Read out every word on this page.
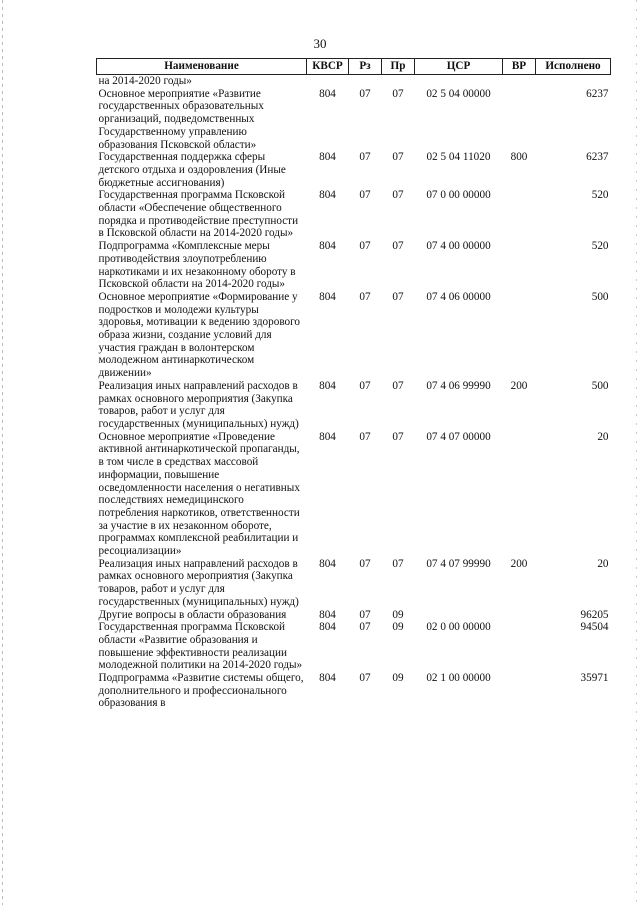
30
Наименование	КВСР	Рз	Пр	ЦСР	ВР	Исполнено
на 2014-2020 годы»						
Основное мероприятие «Развитие государственных образовательных организаций, подведомственных Государственному управлению образования Псковской области»	804	07	07	02 5 04 00000		6237
Государственная поддержка сферы детского отдыха и оздоровления (Иные бюджетные ассигнования)	804	07	07	02 5 04 11020	800	6237
Государственная программа Псковской области «Обеспечение общественного порядка и противодействие преступности в Псковской области на 2014-2020 годы»	804	07	07	07 0 00 00000		520
Подпрограмма «Комплексные меры противодействия злоупотреблению наркотиками и их незаконному обороту в Псковской области на 2014-2020 годы»	804	07	07	07 4 00 00000		520
Основное мероприятие «Формирование у подростков и молодежи культуры здоровья, мотивации к ведению здорового образа жизни, создание условий для участия граждан в волонтерском молодежном антинаркотическом движении»	804	07	07	07 4 06 00000		500
Реализация иных направлений расходов в рамках основного мероприятия (Закупка товаров, работ и услуг для государственных (муниципальных) нужд)	804	07	07	07 4 06 99990	200	500
Основное мероприятие «Проведение активной антинаркотической пропаганды, в том числе в средствах массовой информации, повышение осведомленности населения о негативных последствиях немедицинского потребления наркотиков, ответственности за участие в их незаконном обороте, программах комплексной реабилитации и ресоциализации»	804	07	07	07 4 07 00000		20
Реализация иных направлений расходов в рамках основного мероприятия (Закупка товаров, работ и услуг для государственных (муниципальных) нужд)	804	07	07	07 4 07 99990	200	20
Другие вопросы в области образования	804	07	09			96205
Государственная программа Псковской области «Развитие образования и повышение эффективности реализации молодежной политики на 2014-2020 годы»	804	07	09	02 0 00 00000		94504
Подпрограмма «Развитие системы общего, дополнительного и профессионального образования в	804	07	09	02 1 00 00000		35971
